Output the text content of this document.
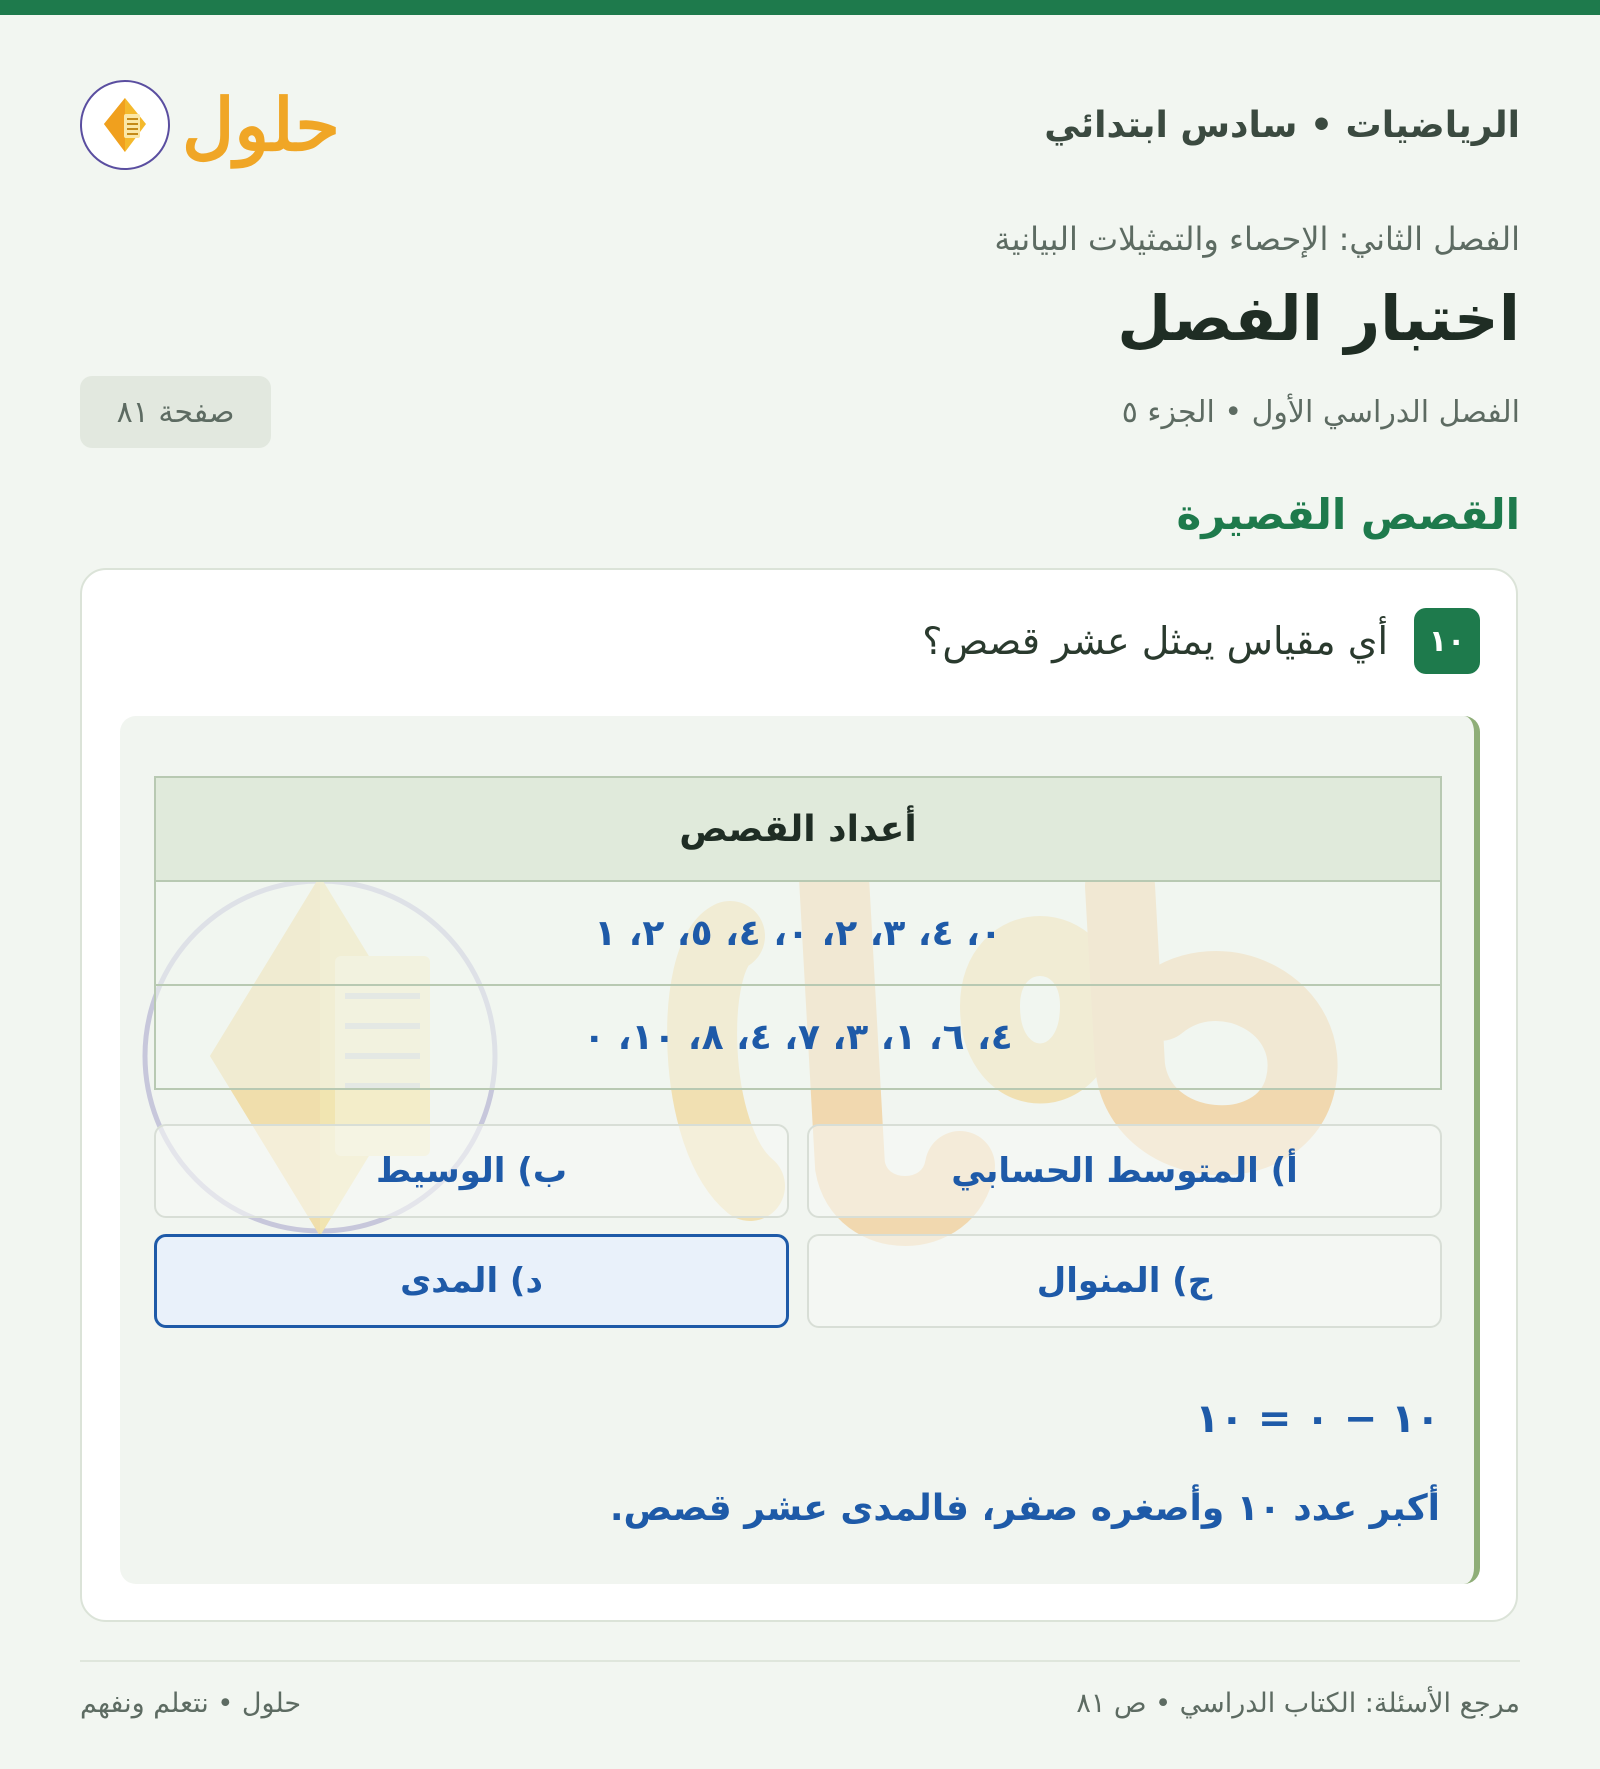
الرياضيات • سادس ابتدائي
حلول
الفصل الثاني: الإحصاء والتمثيلات البيانية
اختبار الفصل
الفصل الدراسي الأول • الجزء ٥
صفحة ٨١
القصص القصيرة
١٠
أي مقياس يمثل عشر قصص؟
أعداد القصص
٠، ٤، ٣، ٢، ٠، ٤، ٥، ٢، ١
٤، ٦، ١، ٣، ٧، ٤، ٨، ١٠، ٠
أ) المتوسط الحسابي
ب) الوسيط
ج) المنوال
د) المدى
١٠ − ٠ = ١٠
أكبر عدد ١٠ وأصغره صفر، فالمدى عشر قصص.
مرجع الأسئلة: الكتاب الدراسي • ص ٨١
حلول • نتعلم ونفهم
